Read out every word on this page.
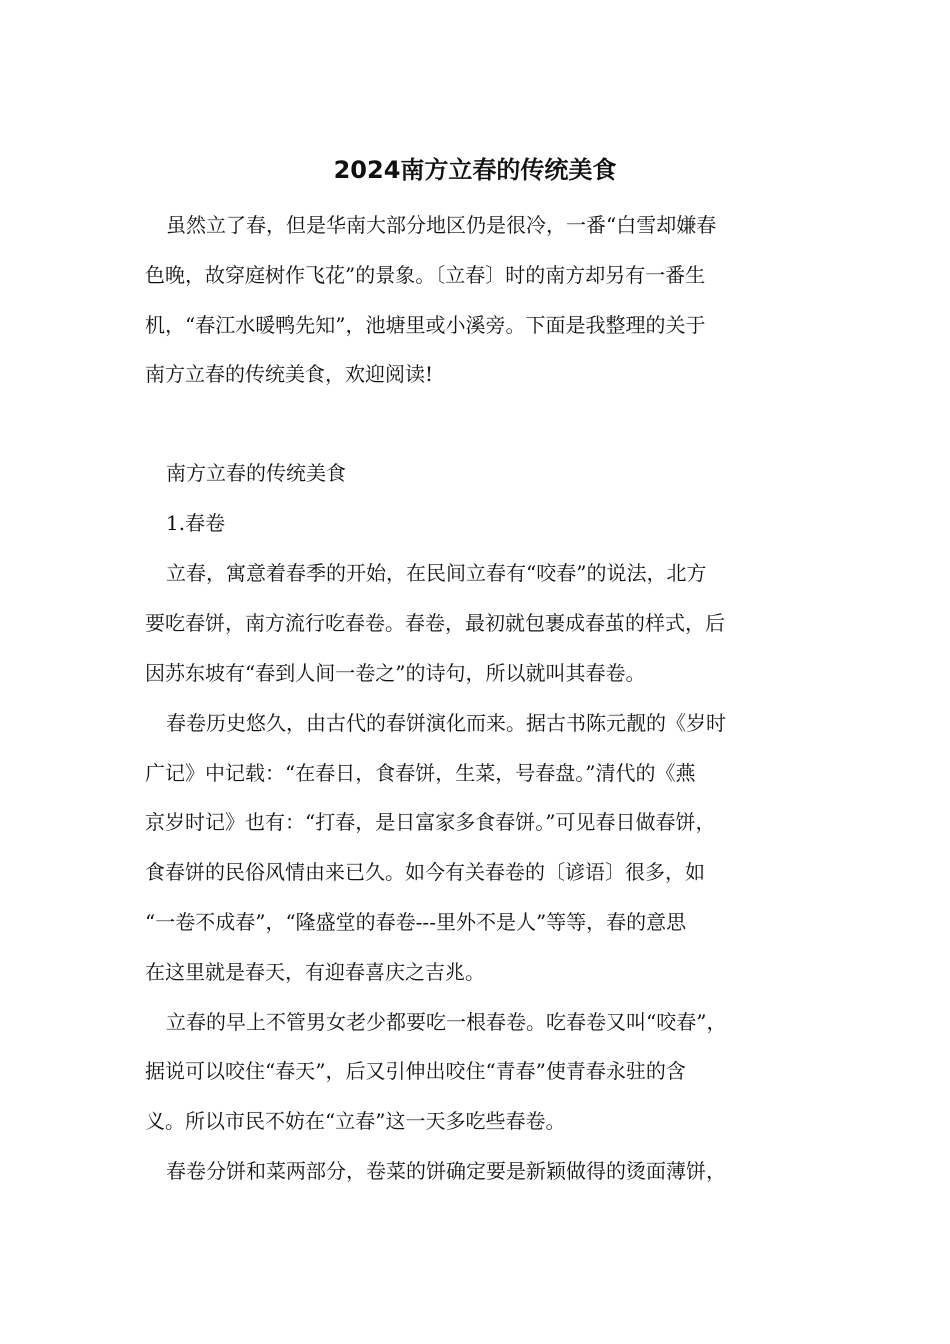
2024南方立春的传统美食
虽然立了春，但是华南大部分地区仍是很冷，一番“白雪却嫌春
色晚，故穿庭树作飞花”的景象。〔立春〕时的南方却另有一番生
机，“春江水暖鸭先知”，池塘里或小溪旁。下面是我整理的关于
南方立春的传统美食，欢迎阅读!
南方立春的传统美食
1.春卷
立春，寓意着春季的开始，在民间立春有“咬春”的说法，北方
要吃春饼，南方流行吃春卷。春卷，最初就包裹成春茧的样式，后
因苏东坡有“春到人间一卷之”的诗句，所以就叫其春卷。
春卷历史悠久，由古代的春饼演化而来。据古书陈元靓的《岁时
广记》中记载：“在春日，食春饼，生菜，号春盘。”清代的《燕
京岁时记》也有：“打春，是日富家多食春饼。”可见春日做春饼，
食春饼的民俗风情由来已久。如今有关春卷的〔谚语〕很多，如
“一卷不成春”，“隆盛堂的春卷---里外不是人”等等，春的意思
在这里就是春天，有迎春喜庆之吉兆。
立春的早上不管男女老少都要吃一根春卷。吃春卷又叫“咬春”，
据说可以咬住“春天”，后又引伸出咬住“青春”使青春永驻的含
义。所以市民不妨在“立春”这一天多吃些春卷。
春卷分饼和菜两部分，卷菜的饼确定要是新颖做得的烫面薄饼，
